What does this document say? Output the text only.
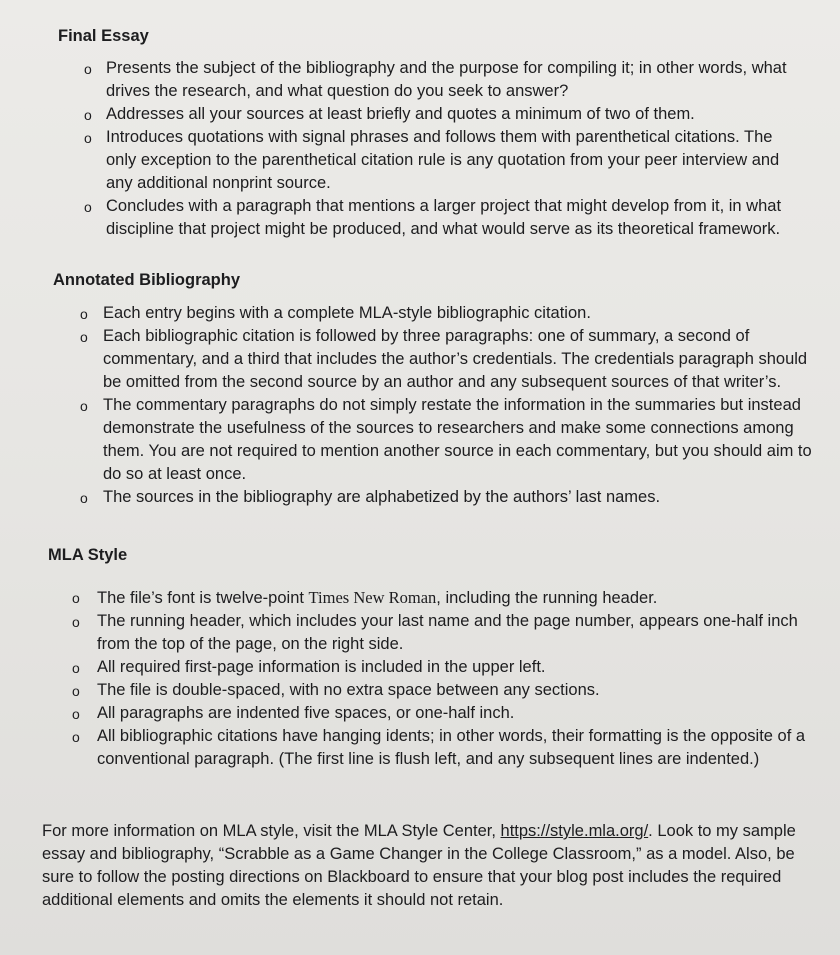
Final Essay

o Presents the subject of the bibliography and the purpose for compiling it; in other words, what drives the research, and what question do you seek to answer?
o Addresses all your sources at least briefly and quotes a minimum of two of them.
o Introduces quotations with signal phrases and follows them with parenthetical citations. The only exception to the parenthetical citation rule is any quotation from your peer interview and any additional nonprint source.
o Concludes with a paragraph that mentions a larger project that might develop from it, in what discipline that project might be produced, and what would serve as its theoretical framework.

Annotated Bibliography

o Each entry begins with a complete MLA-style bibliographic citation.
o Each bibliographic citation is followed by three paragraphs: one of summary, a second of commentary, and a third that includes the author’s credentials. The credentials paragraph should be omitted from the second source by an author and any subsequent sources of that writer’s.
o The commentary paragraphs do not simply restate the information in the summaries but instead demonstrate the usefulness of the sources to researchers and make some connections among them. You are not required to mention another source in each commentary, but you should aim to do so at least once.
o The sources in the bibliography are alphabetized by the authors’ last names.

MLA Style

o The file’s font is twelve-point Times New Roman, including the running header.
o The running header, which includes your last name and the page number, appears one-half inch from the top of the page, on the right side.
o All required first-page information is included in the upper left.
o The file is double-spaced, with no extra space between any sections.
o All paragraphs are indented five spaces, or one-half inch.
o All bibliographic citations have hanging idents; in other words, their formatting is the opposite of a conventional paragraph. (The first line is flush left, and any subsequent lines are indented.)

For more information on MLA style, visit the MLA Style Center, https://style.mla.org/. Look to my sample essay and bibliography, “Scrabble as a Game Changer in the College Classroom,” as a model. Also, be sure to follow the posting directions on Blackboard to ensure that your blog post includes the required additional elements and omits the elements it should not retain.
